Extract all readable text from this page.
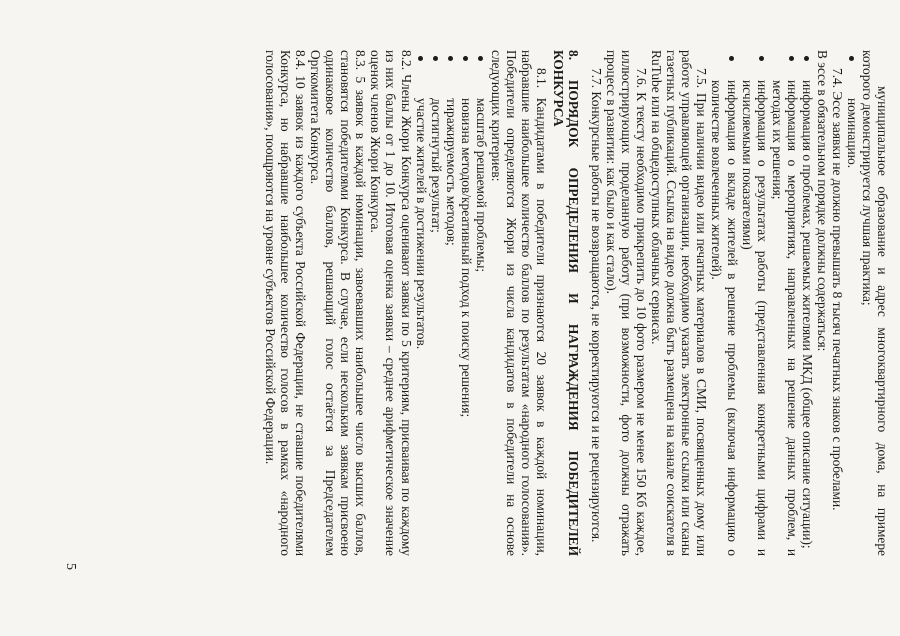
муниципальное образование и адрес многоквартирного дома, на примере которого демонстрируется лучшая практика;

номинацию.

7.4. Эссе заявки не должно превышать 8 тысяч печатных знаков с пробелами.

В эссе в обязательном порядке должны содержаться:

информация о проблемах, решаемых жителями МКД (общее описание ситуации);

информация о мероприятиях, направленных на решение данных проблем, и методах их решения;

информация о результатах работы (представленная конкретными цифрами и исчисляемыми показателями)

информация о вкладе жителей в решение проблемы (включая информацию о количестве вовлеченных жителей).

7.5. При наличии видео или печатных материалов в СМИ, посвященных дому или работе управляющей организации, необходимо указать электронные ссылки или сканы газетных публикаций. Ссылка на видео должна быть размещена на канале соискателя в RuTube или на общедоступных облачных сервисах.

7.6. К тексту необходимо прикрепить до 10 фото размером не менее 150 Кб каждое, иллюстрирующих проделанную работу (при возможности, фото должны отражать процесс в развитии: как было и как стало).

7.7. Конкурсные работы не возвращаются, не корректируются и не рецензируются.

8.ПОРЯДОК ОПРЕДЕЛЕНИЯ И НАГРАЖДЕНИЯ ПОБЕДИТЕЛЕЙ КОНКУРСА

8.1. Кандидатами в победители признаются 20 заявок в каждой номинации, набравшие наибольшее количество баллов по результатам «народного голосования». Победители определяются Жюри из числа кандидатов в победители на основе следующих критериев:

масштаб решаемой проблемы;

новизна методов/креативный подход к поиску решения;

тиражируемость методов;

достигнутый результат;

участие жителей в достижении результатов.

8.2. Члены Жюри Конкурса оценивают заявки по 5 критериям, присваивая по каждому из них баллы от 1 до 10. Итоговая оценка заявки – среднее арифметическое значение оценок членов Жюри Конкурса.

8.3. 5 заявок в каждой номинации, завоевавших наибольшее число высших баллов, становятся победителями Конкурса. В случае, если нескольким заявкам присвоено одинаковое количество баллов, решающий голос остаётся за Председателем Оргкомитета Конкурса.

8.4. 10 заявок из каждого субъекта Российской Федерации, не ставшие победителями Конкурса, но набравшие наибольшее количество голосов в рамках «народного голосования», поощряются на уровне субъектов Российской Федерации.

5
